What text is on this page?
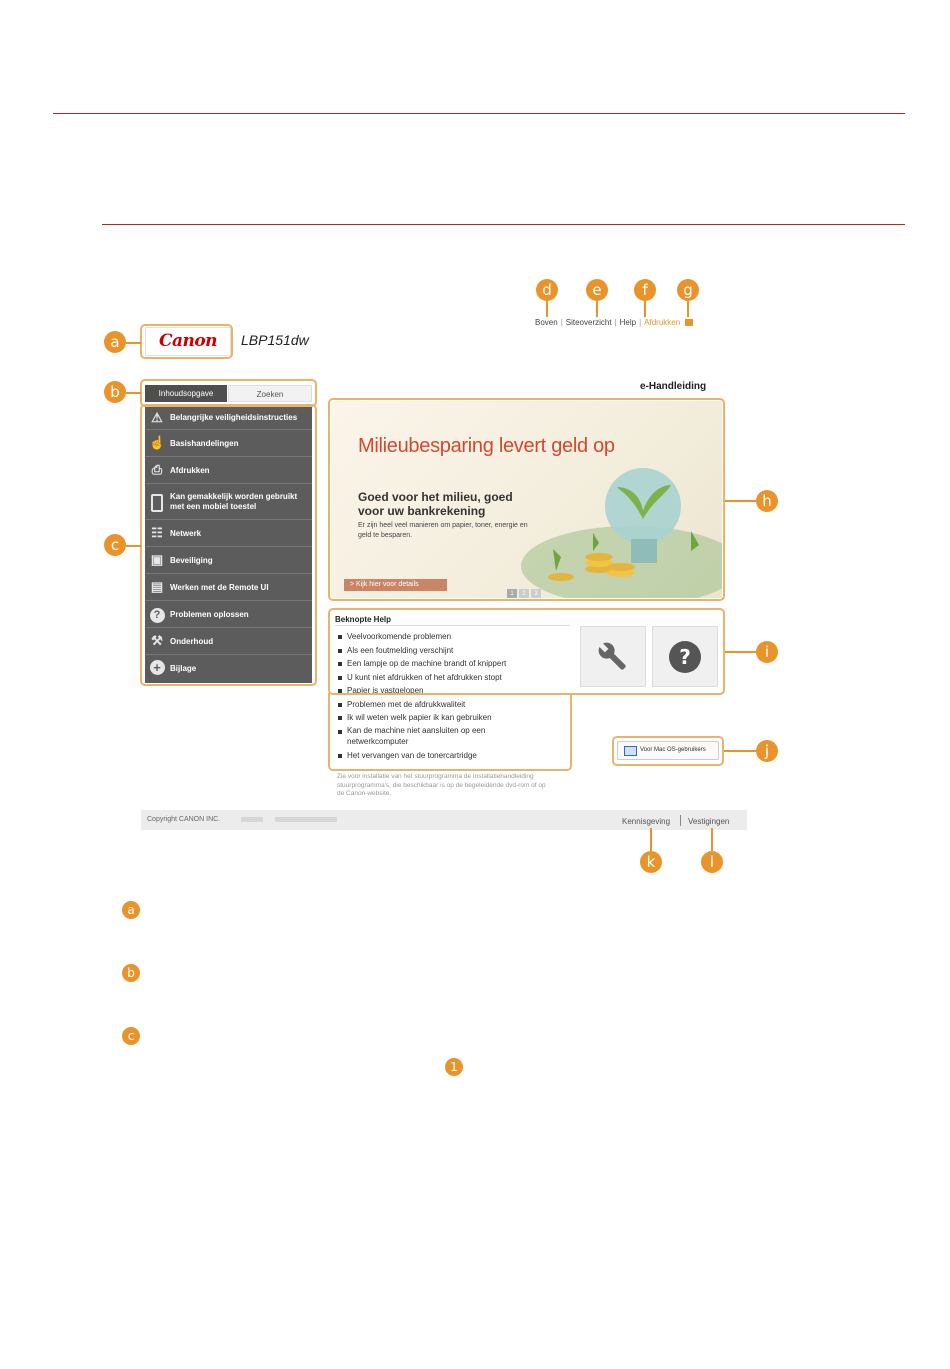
Canon	LBP151dw
Boven | Siteoverzicht | Help | Afdrukken
e-Handleiding
Inhoudsopgave	Zoeken
⚠ Belangrijke veiligheidsinstructies
☝ Basishandelingen
⎙ Afdrukken
Kan gemakkelijk worden gebruikt met een mobiel toestel
☷ Netwerk
▣ Beveiliging
▤ Werken met de Remote UI
?	Problemen oplossen
⚒ Onderhoud
+	Bijlage
Milieubesparing levert geld op
Goed voor het milieu, goed voor uw bankrekening
Er zijn heel veel manieren om papier, toner, energie en geld te besparen.
> Kijk hier voor details
1 2 3
Beknopte Help
Veelvoorkomende problemen
Als een foutmelding verschijnt
Een lampje op de machine brandt of knippert
U kunt niet afdrukken of het afdrukken stopt
Papier is vastgelopen
Problemen met de afdrukkwaliteit
Ik wil weten welk papier ik kan gebruiken
Kan de machine niet aansluiten op een netwerkcomputer
Het vervangen van de tonercartridge
?
Voor Mac OS-gebruikers
Zie voor installatie van het stuurprogramma de Installatiehandleiding stuurprogramma's, die beschikbaar is op de begeleidende dvd-rom of op de Canon-website.
Copyright CANON INC.	Kennisgeving Vestigingen
a
b
c
d	e	f	g
h
i
j
k	l
a
b
c
1
